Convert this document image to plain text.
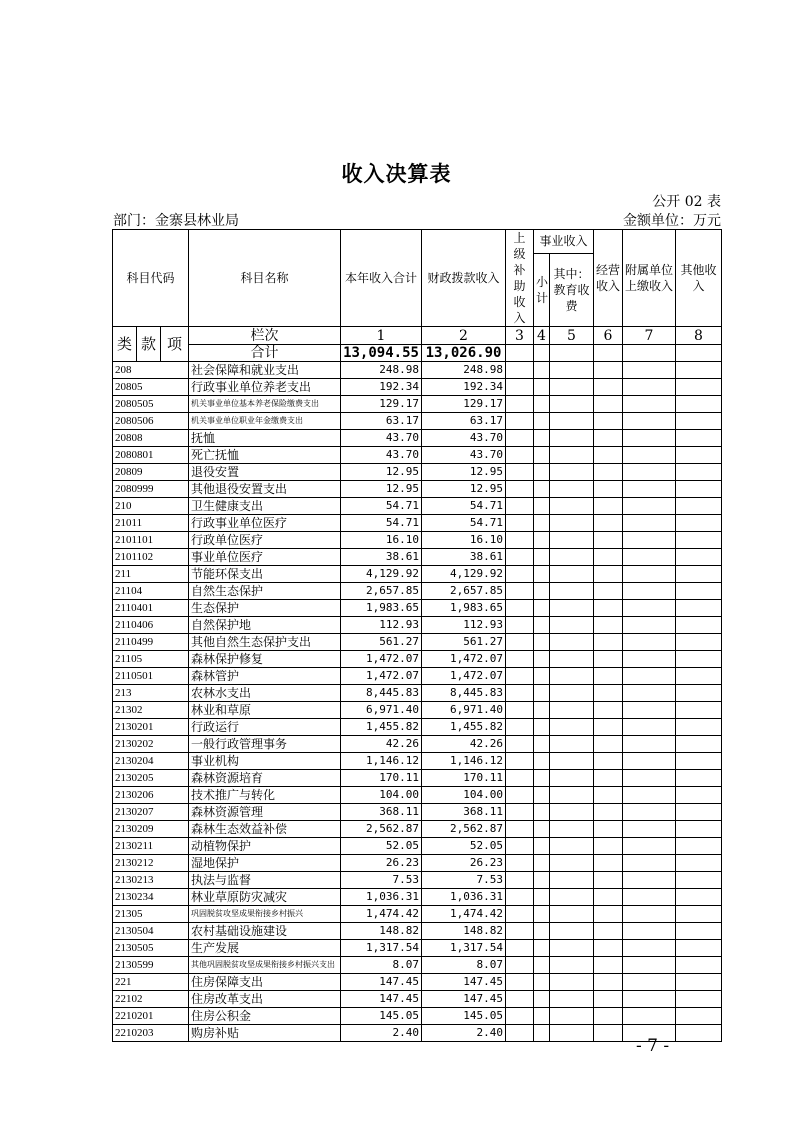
收入决算表
公开 02 表
部门：金寨县林业局	金额单位：万元
科目代码			科目名称	本年收入合计	财政拨款收入	上级补助收入	事业收入		经营收入	附属单位上缴收入	其他收入
							小计	其中：教育收费			
类	款	项	栏次	1	2	3	4	5	6	7	8
			合计	13,094.55	13,026.90						
208			社会保障和就业支出	248.98	248.98						
20805			行政事业单位养老支出	192.34	192.34						
2080505			机关事业单位基本养老保险缴费支出	129.17	129.17						
2080506			机关事业单位职业年金缴费支出	63.17	63.17						
20808			抚恤	43.70	43.70						
2080801			死亡抚恤	43.70	43.70						
20809			退役安置	12.95	12.95						
2080999			其他退役安置支出	12.95	12.95						
210			卫生健康支出	54.71	54.71						
21011			行政事业单位医疗	54.71	54.71						
2101101			行政单位医疗	16.10	16.10						
2101102			事业单位医疗	38.61	38.61						
211			节能环保支出	4,129.92	4,129.92						
21104			自然生态保护	2,657.85	2,657.85						
2110401			生态保护	1,983.65	1,983.65						
2110406			自然保护地	112.93	112.93						
2110499			其他自然生态保护支出	561.27	561.27						
21105			森林保护修复	1,472.07	1,472.07						
2110501			森林管护	1,472.07	1,472.07						
213			农林水支出	8,445.83	8,445.83						
21302			林业和草原	6,971.40	6,971.40						
2130201			行政运行	1,455.82	1,455.82						
2130202			一般行政管理事务	42.26	42.26						
2130204			事业机构	1,146.12	1,146.12						
2130205			森林资源培育	170.11	170.11						
2130206			技术推广与转化	104.00	104.00						
2130207			森林资源管理	368.11	368.11						
2130209			森林生态效益补偿	2,562.87	2,562.87						
2130211			动植物保护	52.05	52.05						
2130212			湿地保护	26.23	26.23						
2130213			执法与监督	7.53	7.53						
2130234			林业草原防灾减灾	1,036.31	1,036.31						
21305			巩固脱贫攻坚成果衔接乡村振兴	1,474.42	1,474.42						
2130504			农村基础设施建设	148.82	148.82						
2130505			生产发展	1,317.54	1,317.54						
2130599			其他巩固脱贫攻坚成果衔接乡村振兴支出	8.07	8.07						
221			住房保障支出	147.45	147.45						
22102			住房改革支出	147.45	147.45						
2210201			住房公积金	145.05	145.05						
2210203			购房补贴	2.40	2.40						
- 7 -
